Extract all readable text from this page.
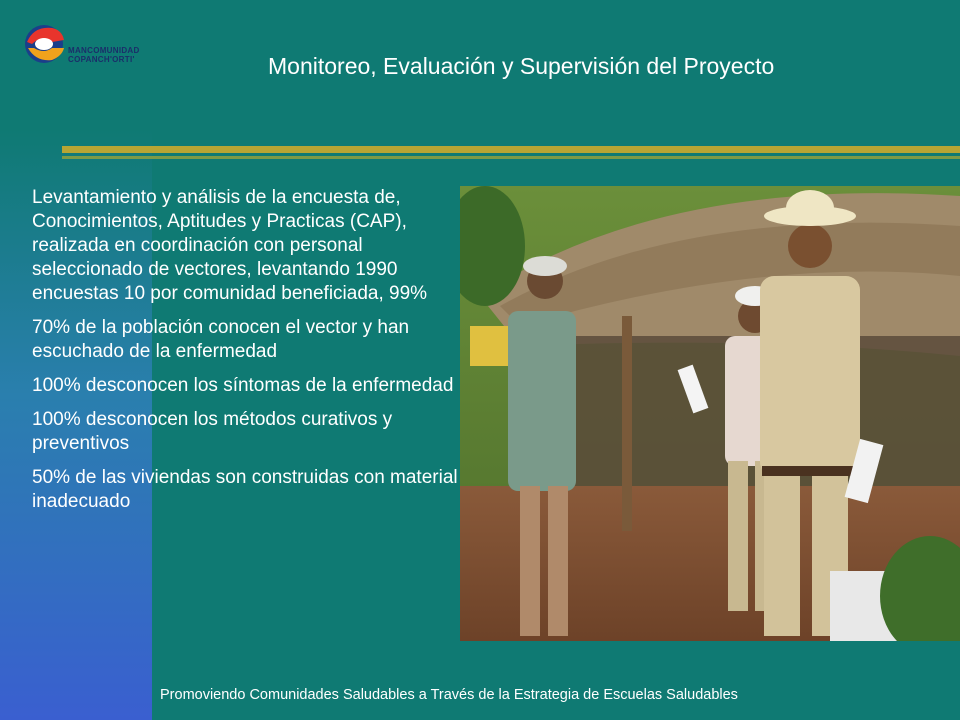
MANCOMUNIDAD
COPANCH'ORTI'	Monitoreo, Evaluación y Supervisión del Proyecto

Levantamiento y análisis de la encuesta de, Conocimientos, Aptitudes y Practicas (CAP), realizada en coordinación con personal seleccionado de vectores, levantando 1990 encuestas 10 por comunidad beneficiada, 99%

70% de la población conocen el vector y han escuchado de la enfermedad

100% desconocen los síntomas de la enfermedad

100% desconocen los métodos curativos y preventivos

50% de las viviendas son construidas con material inadecuado

Promoviendo Comunidades Saludables a Través de la Estrategia de Escuelas Saludables
